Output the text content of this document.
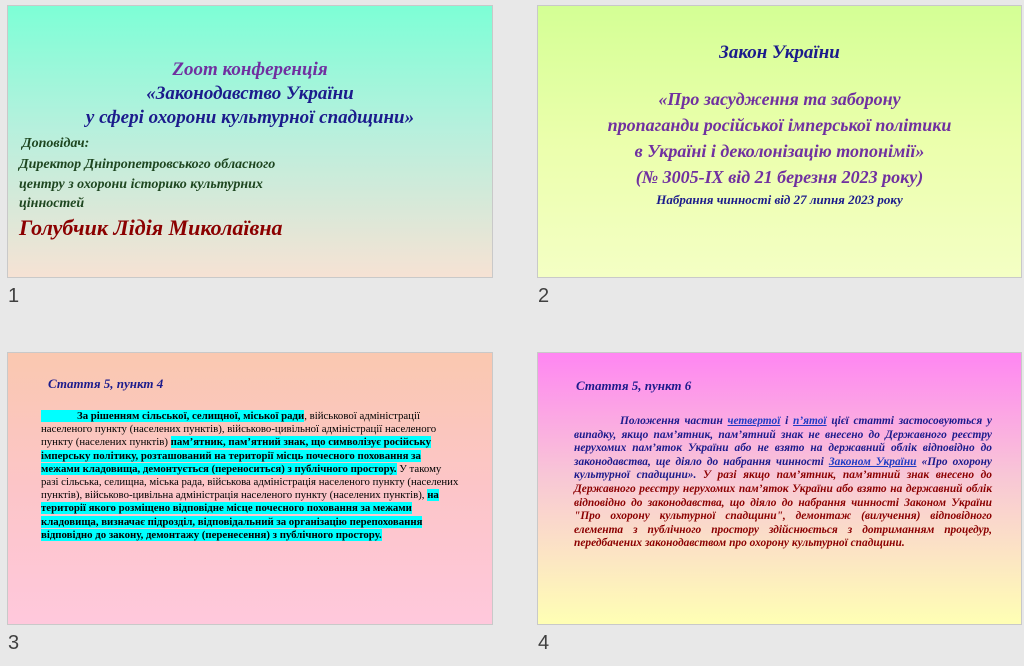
Zoom конференція
«Законодавство України
у сфері охорони культурної спадщини»
Доповідач:
Директор Дніпропетровського обласного
центру з охорони історико культурних
цінностей
Голубчик Лідія Миколаївна
1
Закон України
«Про засудження та заборону
пропаганди російської імперської політики
в Україні і деколонізацію топонімії»
(№ 3005-IX від 21 березня 2023 року)
Набрання чинності від 27 липня 2023 року
2
Стаття 5, пункт 4
За рішенням сільської, селищної, міської ради, військової адміністрації населеного пункту (населених пунктів), військово-цивільної адміністрації населеного пункту (населених пунктів) пам’ятник, пам’ятний знак, що символізує російську імперську політику, розташований на території місць почесного поховання за межами кладовища, демонтується (переноситься) з публічного простору. У такому разі сільська, селищна, міська рада, військова адміністрація населеного пункту (населених пунктів), військово-цивільна адміністрація населеного пункту (населених пунктів), на території якого розміщено відповідне місце почесного поховання за межами кладовища, визначає підрозділ, відповідальний за організацію перепоховання відповідно до закону, демонтажу (перенесення) з публічного простору.
3
Стаття 5, пункт 6
Положення частин четвертої і п’ятої цієї статті застосовуються у випадку, якщо пам’ятник, пам’ятний знак не внесено до Державного реєстру нерухомих пам’яток України або не взято на державний облік відповідно до законодавства, ще діяло до набрання чинності Законом України «Про охорону культурної спадщини». У разі якщо пам’ятник, пам’ятний знак внесено до Державного реєстру нерухомих пам’яток України або взято на державний облік відповідно до законодавства, що діяло до набрання чинності Законом України "Про охорону культурної спадщини", демонтаж (вилучення) відповідного елемента з публічного простору здійснюється з дотриманням процедур, передбачених законодавством про охорону культурної спадщини.
4
